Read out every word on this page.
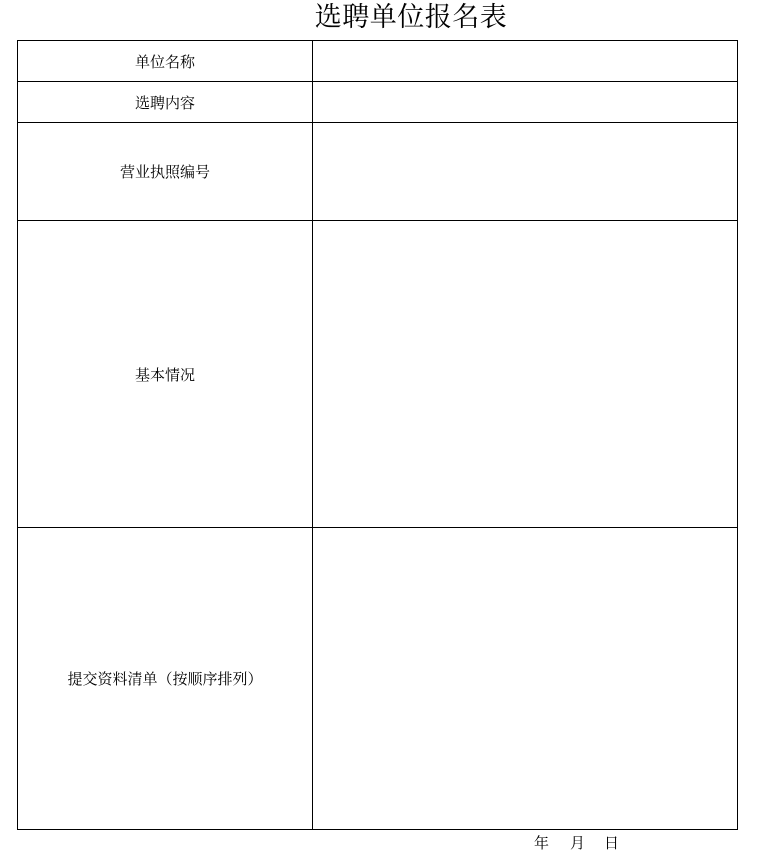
选聘单位报名表
单位名称	
选聘内容	
营业执照编号	
基本情况	
提交资料清单（按顺序排列）	
年 月 日
